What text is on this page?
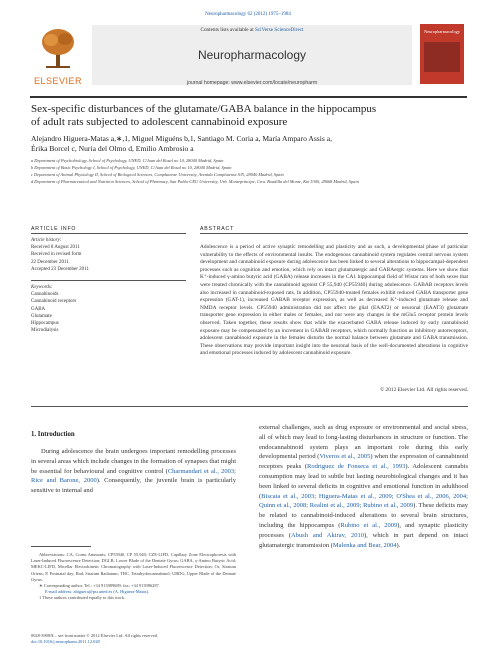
Neuropharmacology 62 (2012) 1975–1984
ELSEVIER
Contents lists available at SciVerse ScienceDirect
Neuropharmacology
journal homepage: www.elsevier.com/locate/neuropharm
Neuropharmacology
Sex-specific disturbances of the glutamate/GABA balance in the hippocampus
of adult rats subjected to adolescent cannabinoid exposure
Alejandro Higuera-Matas a,∗,1, Miguel Miguéns b,1, Santiago M. Coria a, María Amparo Assis a,
Érika Borcel c, Nuria del Olmo d, Emilio Ambrosio a
a Department of Psychobiology, School of Psychology, UNED, C/Juan del Rosal no 10, 28040 Madrid, Spain
b Department of Basic Psychology I, School of Psychology, UNED, C/Juan del Rosal no 10, 28040 Madrid, Spain
c Department of Animal Physiology II, School of Biological Sciences, Complutense University, Avenida Complutense S/N, 28040 Madrid, Spain
d Department of Pharmaceutical and Nutrition Sciences, School of Pharmacy, San Pablo-CEU University, Urb. Montepríncipe, Ctra. Boadilla del Monte, Km 5300, 28668 Madrid, Spain
ARTICLE INFO
Article history:
Received 8 August 2011
Received in revised form
22 December 2011
Accepted 23 December 2011
Keywords:
Cannabinoids
Cannabinoid receptors
GABA
Glutamate
Hippocampus
Microdialysis
ABSTRACT
Adolescence is a period of active synaptic remodelling and plasticity and as such, a developmental phase of particular vulnerability to the effects of environmental insults. The endogenous cannabinoid system regulates central nervous system development and cannabinoid exposure during adolescence has been linked to several alterations to hippocampal-dependent processes such as cognition and emotion, which rely on intact glutamatergic and GABAergic systems. Here we show that K⁺-induced γ-amino butyric acid (GABA) release increases in the CA1 hippocampal field of Wistar rats of both sexes that were treated chronically with the cannabinoid agonist CP 55,940 (CP55940) during adolescence. GABAB receptors levels also increased in cannabinoid-exposed rats. In addition, CP55940-treated females exhibit reduced GABA transporter gene expression (GAT-1), increased GABAB receptor expression, as well as decreased K⁺-induced glutamate release and NMDA receptor levels. CP55940 administration did not affect the glial (EAAT2) or neuronal (EAAT3) glutamate transporter gene expression in either males or females, and nor were any changes in the mGlu5 receptor protein levels observed. Taken together, these results show that while the exacerbated GABA release induced by early cannabinoid exposure may be compensated by an increment in GABAB receptors, which normally function as inhibitory autoreceptors, adolescent cannabinoid exposure in the females disturbs the normal balance between glutamate and GABA transmission. These observations may provide important insight into the neuronal basis of the well-documented alterations in cognitive and emotional processes induced by adolescent cannabinoid exposure.
© 2012 Elsevier Ltd. All rights reserved.
1. Introduction
During adolescence the brain undergoes important remodelling processes in several areas which include changes in the formation of synapses that might be essential for behavioural and cognitive control (Charmandari et al., 2003; Rice and Barone, 2000). Consequently, the juvenile brain is particularly sensitive to internal and
external challenges, such as drug exposure or environmental and social stress, all of which may lead to long-lasting disturbances in structure or function. The endocannabinoid system plays an important role during this early developmental period (Viveros et al., 2005) when the expression of cannabinoid receptors peaks (Rodriguez de Fonseca et al., 1993). Adolescent cannabis consumption may lead to subtle but lasting neurobiological changes and it has been linked to several deficits in cognitive and emotional function in adulthood (Biscaia et al., 2003; Higuera-Matas et al., 2009; O'Shea et al., 2006, 2004; Quinn et al., 2008; Realini et al., 2009; Rubino et al., 2009). These deficits may be related to cannabinoid-induced alterations to several brain structures, including the hippocampus (Rubino et al., 2009), and synaptic plasticity processes (Abush and Akirav, 2010), which in part depend on intact glutamatergic transmission (Malenka and Bear, 2004).
Abbreviations: CA, Cornu Ammonis; CP55940, CP 55,940; CZE-LIFD, Capillary Zone Electrophoresis with Laser-Induced Fluorescence Detection; DGLB, Lower Blade of the Dentate Gyrus; GABA, γ-Amino Butyric Acid; MEKC-LIFD, Micellar Electrokinetic Chromatography with Laser-Induced Fluorescence Detection; Or, Stratum Oriens; P, Postnatal day; Rad, Stratum Radiatum; THC, Tetrahydrocannabinol; UBDG, Upper Blade of the Dentate Gyrus.
∗ Corresponding author. Tel.: +34 913989689; fax: +34 913986287.
E-mail address: ahiguera@psi.uned.es (A. Higuera-Matas).
1 These authors contributed equally to this work.
0028-3908/$ – see front matter © 2012 Elsevier Ltd. All rights reserved.
doi:10.1016/j.neuropharm.2011.12.028
